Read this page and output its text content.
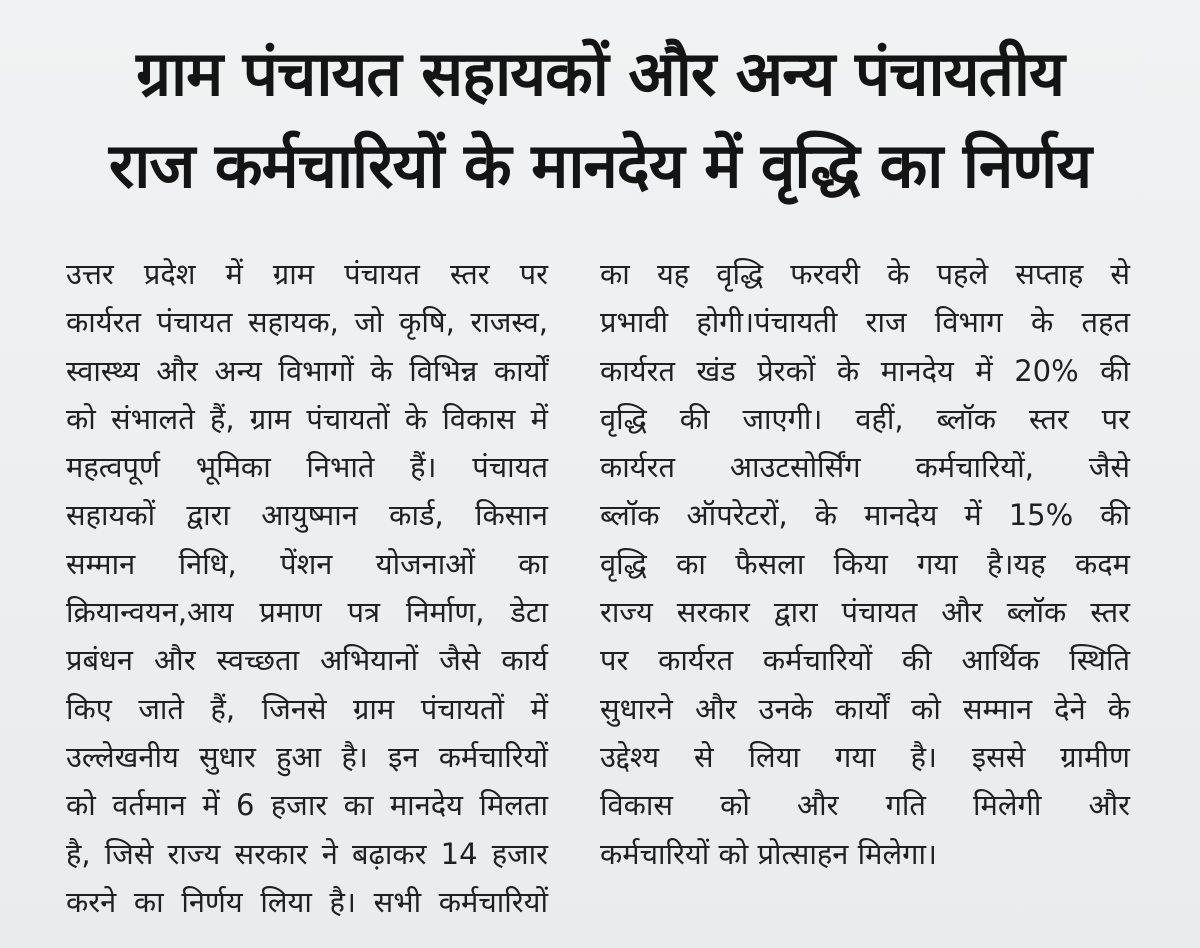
ग्राम पंचायत सहायकों और अन्य पंचायतीय
राज कर्मचारियों के मानदेय में वृद्धि का निर्णय
उत्तर प्रदेश में ग्राम पंचायत स्तर पर
कार्यरत पंचायत सहायक, जो कृषि, राजस्व,
स्वास्थ्य और अन्य विभागों के विभिन्न कार्यों
को संभालते हैं, ग्राम पंचायतों के विकास में
महत्वपूर्ण भूमिका निभाते हैं। पंचायत
सहायकों द्वारा आयुष्मान कार्ड, किसान
सम्मान निधि, पेंशन योजनाओं का
क्रियान्वयन,आय प्रमाण पत्र निर्माण, डेटा
प्रबंधन और स्वच्छता अभियानों जैसे कार्य
किए जाते हैं, जिनसे ग्राम पंचायतों में
उल्लेखनीय सुधार हुआ है। इन कर्मचारियों
को वर्तमान में 6 हजार का मानदेय मिलता
है, जिसे राज्य सरकार ने बढ़ाकर 14 हजार
करने का निर्णय लिया है। सभी कर्मचारियों
का यह वृद्धि फरवरी के पहले सप्ताह से
प्रभावी होगी।पंचायती राज विभाग के तहत
कार्यरत खंड प्रेरकों के मानदेय में 20% की
वृद्धि की जाएगी। वहीं, ब्लॉक स्तर पर
कार्यरत आउटसोर्सिंग कर्मचारियों, जैसे
ब्लॉक ऑपरेटरों, के मानदेय में 15% की
वृद्धि का फैसला किया गया है।यह कदम
राज्य सरकार द्वारा पंचायत और ब्लॉक स्तर
पर कार्यरत कर्मचारियों की आर्थिक स्थिति
सुधारने और उनके कार्यों को सम्मान देने के
उद्देश्य से लिया गया है। इससे ग्रामीण
विकास को और गति मिलेगी और
कर्मचारियों को प्रोत्साहन मिलेगा।
